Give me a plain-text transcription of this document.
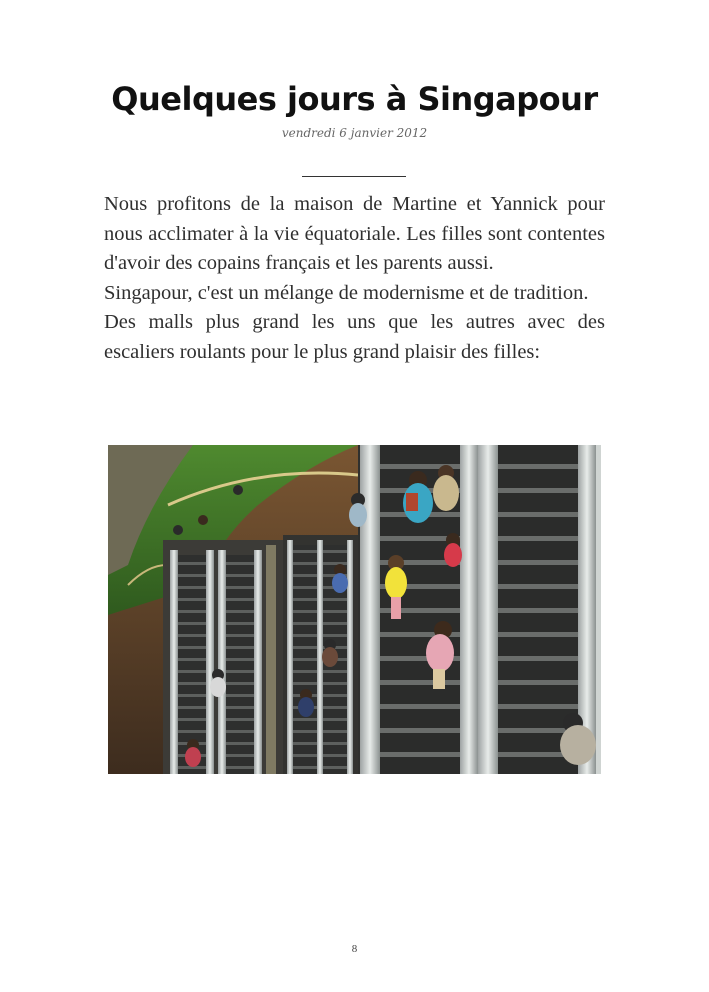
Quelques jours à Singapour
vendredi 6 janvier 2012

Nous profitons de la maison de Martine et Yannick pour nous acclimater à la vie équatoriale. Les filles sont contentes d'avoir des copains français et les parents aussi.

Singapour, c'est un mélange de modernisme et de tradition.

Des malls plus grand les uns que les autres avec des escaliers roulants pour le plus grand plaisir des filles:

8
